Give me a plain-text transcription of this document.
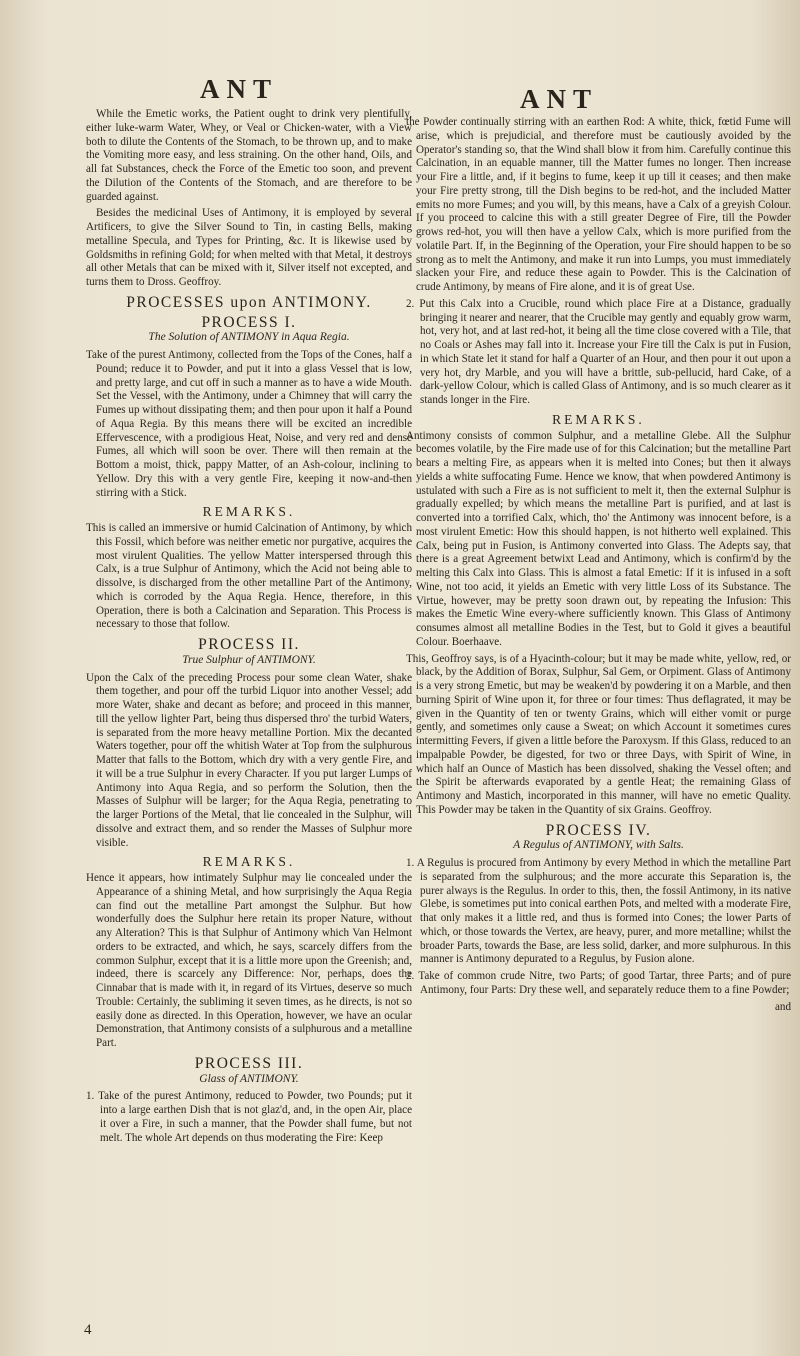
ANT	ANT

While the Emetic works, the Patient ought to drink very plentifully, either luke-warm Water, Whey, or Veal or Chicken-water, with a View both to dilute the Contents of the Stomach, to be thrown up, and to make the Vomiting more easy, and less straining. On the other hand, Oils, and all fat Substances, check the Force of the Emetic too soon, and prevent the Dilution of the Contents of the Stomach, and are therefore to be guarded against.

Besides the medicinal Uses of Antimony, it is employed by several Artificers, to give the Silver Sound to Tin, in casting Bells, making metalline Specula, and Types for Printing, &c. It is likewise used by Goldsmiths in refining Gold; for when melted with that Metal, it destroys all other Metals that can be mixed with it, Silver itself not excepted, and turns them to Dross. Geoffroy.

PROCESSES upon ANTIMONY.
PROCESS I.
The Solution of ANTIMONY in Aqua Regia.

Take of the purest Antimony, collected from the Tops of the Cones, half a Pound; reduce it to Powder, and put it into a glass Vessel that is low, and pretty large, and cut off in such a manner as to have a wide Mouth. Set the Vessel, with the Antimony, under a Chimney that will carry the Fumes up without dissipating them; and then pour upon it half a Pound of Aqua Regia. By this means there will be excited an incredible Effervescence, with a prodigious Heat, Noise, and very red and dense Fumes, all which will soon be over. There will then remain at the Bottom a moist, thick, pappy Matter, of an Ash-colour, inclining to Yellow. Dry this with a very gentle Fire, keeping it now-and-then stirring with a Stick.

REMARKS.

This is called an immersive or humid Calcination of Antimony, by which this Fossil, which before was neither emetic nor purgative, acquires the most virulent Qualities. The yellow Matter interspersed through this Calx, is a true Sulphur of Antimony, which the Acid not being able to dissolve, is discharged from the other metalline Part of the Antimony, which is corroded by the Aqua Regia. Hence, therefore, in this Operation, there is both a Calcination and Separation. This Process is necessary to those that follow.

PROCESS II.
True Sulphur of ANTIMONY.

Upon the Calx of the preceding Process pour some clean Water, shake them together, and pour off the turbid Liquor into another Vessel; add more Water, shake and decant as before; and proceed in this manner, till the yellow lighter Part, being thus dispersed thro' the turbid Waters, is separated from the more heavy metalline Portion. Mix the decanted Waters together, pour off the whitish Water at Top from the sulphurous Matter that falls to the Bottom, which dry with a very gentle Fire, and it will be a true Sulphur in every Character. If you put larger Lumps of Antimony into Aqua Regia, and so perform the Solution, then the Masses of Sulphur will be larger; for the Aqua Regia, penetrating to the larger Portions of the Metal, that lie concealed in the Sulphur, will dissolve and extract them, and so render the Masses of Sulphur more visible.

REMARKS.

Hence it appears, how intimately Sulphur may lie concealed under the Appearance of a shining Metal, and how surprisingly the Aqua Regia can find out the metalline Part amongst the Sulphur. But how wonderfully does the Sulphur here retain its proper Nature, without any Alteration? This is that Sulphur of Antimony which Van Helmont orders to be extracted, and which, he says, scarcely differs from the common Sulphur, except that it is a little more upon the Greenish; and, indeed, there is scarcely any Difference: Nor, perhaps, does the Cinnabar that is made with it, in regard of its Virtues, deserve so much Trouble: Certainly, the subliming it seven times, as he directs, is not so easily done as directed. In this Operation, however, we have an ocular Demonstration, that Antimony consists of a sulphurous and a metalline Part.

PROCESS III.
Glass of ANTIMONY.

1. Take of the purest Antimony, reduced to Powder, two Pounds; put it into a large earthen Dish that is not glaz'd, and, in the open Air, place it over a Fire, in such a manner, that the Powder shall fume, but not melt. The whole Art depends on thus moderating the Fire: Keep

the Powder continually stirring with an earthen Rod: A white, thick, fœtid Fume will arise, which is prejudicial, and therefore must be cautiously avoided by the Operator's standing so, that the Wind shall blow it from him. Carefully continue this Calcination, in an equable manner, till the Matter fumes no longer. Then increase your Fire a little, and, if it begins to fume, keep it up till it ceases; and then make your Fire pretty strong, till the Dish begins to be red-hot, and the included Matter emits no more Fumes; and you will, by this means, have a Calx of a greyish Colour. If you proceed to calcine this with a still greater Degree of Fire, till the Powder grows red-hot, you will then have a yellow Calx, which is more purified from the volatile Part. If, in the Beginning of the Operation, your Fire should happen to be so strong as to melt the Antimony, and make it run into Lumps, you must immediately slacken your Fire, and reduce these again to Powder. This is the Calcination of crude Antimony, by means of Fire alone, and it is of great Use.

2. Put this Calx into a Crucible, round which place Fire at a Distance, gradually bringing it nearer and nearer, that the Crucible may gently and equably grow warm, hot, very hot, and at last red-hot, it being all the time close covered with a Tile, that no Coals or Ashes may fall into it. Increase your Fire till the Calx is put in Fusion, in which State let it stand for half a Quarter of an Hour, and then pour it out upon a very hot, dry Marble, and you will have a brittle, sub-pellucid, hard Cake, of a dark-yellow Colour, which is called Glass of Antimony, and is so much clearer as it stands longer in the Fire.

REMARKS.

Antimony consists of common Sulphur, and a metalline Glebe. All the Sulphur becomes volatile, by the Fire made use of for this Calcination; but the metalline Part bears a melting Fire, as appears when it is melted into Cones; but then it always yields a white suffocating Fume. Hence we know, that when powdered Antimony is ustulated with such a Fire as is not sufficient to melt it, then the external Sulphur is gradually expelled; by which means the metalline Part is purified, and at last is converted into a torrified Calx, which, tho' the Antimony was innocent before, is a most virulent Emetic: How this should happen, is not hitherto well explained. This Calx, being put in Fusion, is Antimony converted into Glass. The Adepts say, that there is a great Agreement betwixt Lead and Antimony, which is confirm'd by the melting this Calx into Glass. This is almost a fatal Emetic: If it is infused in a soft Wine, not too acid, it yields an Emetic with very little Loss of its Substance. The Virtue, however, may be pretty soon drawn out, by repeating the Infusion: This makes the Emetic Wine every-where sufficiently known. This Glass of Antimony consumes almost all metalline Bodies in the Test, but to Gold it gives a beautiful Colour. Boerhaave.

This, Geoffroy says, is of a Hyacinth-colour; but it may be made white, yellow, red, or black, by the Addition of Borax, Sulphur, Sal Gem, or Orpiment. Glass of Antimony is a very strong Emetic, but may be weaken'd by powdering it on a Marble, and then burning Spirit of Wine upon it, for three or four times: Thus deflagrated, it may be given in the Quantity of ten or twenty Grains, which will either vomit or purge gently, and sometimes only cause a Sweat; on which Account it sometimes cures intermitting Fevers, if given a little before the Paroxysm. If this Glass, reduced to an impalpable Powder, be digested, for two or three Days, with Spirit of Wine, in which half an Ounce of Mastich has been dissolved, shaking the Vessel often; and the Spirit be afterwards evaporated by a gentle Heat; the remaining Glass of Antimony and Mastich, incorporated in this manner, will have no emetic Quality. This Powder may be taken in the Quantity of six Grains. Geoffroy.

PROCESS IV.
A Regulus of ANTIMONY, with Salts.

1. A Regulus is procured from Antimony by every Method in which the metalline Part is separated from the sulphurous; and the more accurate this Separation is, the purer always is the Regulus. In order to this, then, the fossil Antimony, in its native Glebe, is sometimes put into conical earthen Pots, and melted with a moderate Fire, that only makes it a little red, and thus is formed into Cones; the lower Parts of which, or those towards the Vertex, are heavy, purer, and more metalline; whilst the broader Parts, towards the Base, are less solid, darker, and more sulphurous. In this manner is Antimony depurated to a Regulus, by Fusion alone.

2. Take of common crude Nitre, two Parts; of good Tartar, three Parts; and of pure Antimony, four Parts: Dry these well, and separately reduce them to a fine Powder;

and
4
